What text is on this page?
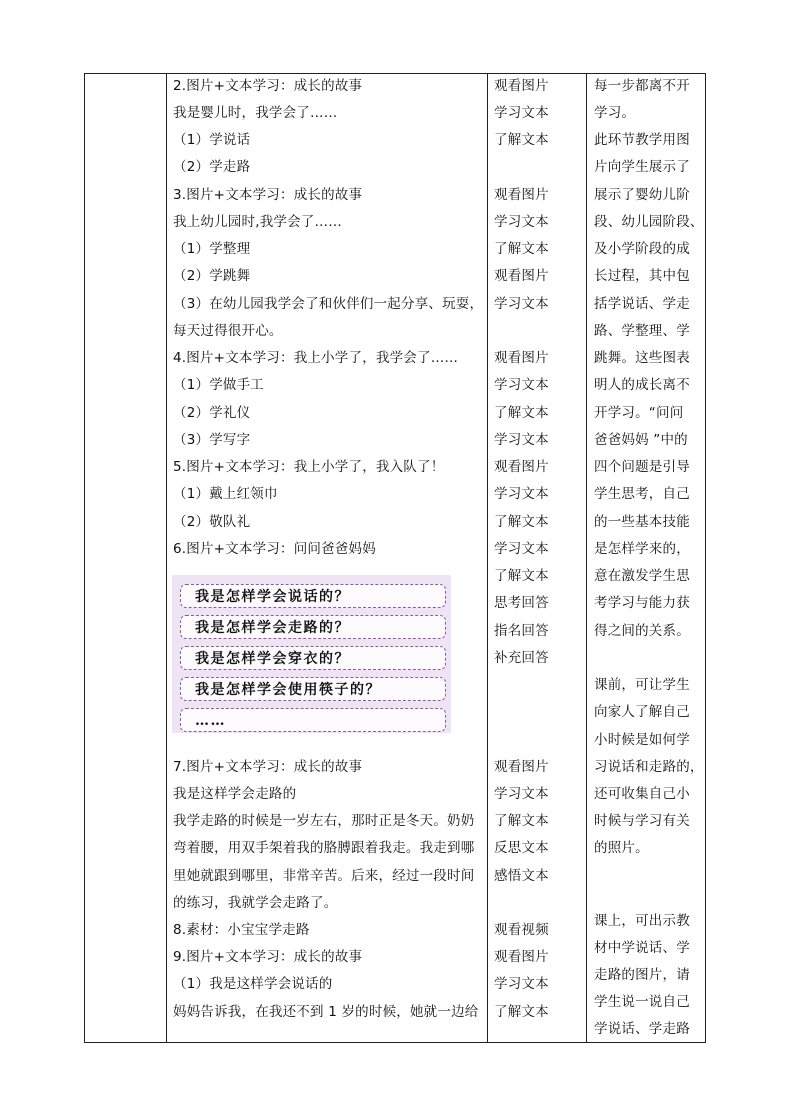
2.图片+文本学习：成长的故事
我是婴儿时，我学会了……
（1）学说话
（2）学走路
3.图片+文本学习：成长的故事
我上幼儿园时,我学会了……
（1）学整理
（2）学跳舞
（3）在幼儿园我学会了和伙伴们一起分享、玩耍，
每天过得很开心。
4.图片+文本学习：我上小学了，我学会了……
（1）学做手工
（2）学礼仪
（3）学写字
5.图片+文本学习：我上小学了，我入队了！
（1）戴上红领巾
（2）敬队礼
6.图片+文本学习：问问爸爸妈妈
我是怎样学会说话的？
我是怎样学会走路的？
我是怎样学会穿衣的？
我是怎样学会使用筷子的？
……
7.图片+文本学习：成长的故事
我是这样学会走路的
我学走路的时候是一岁左右，那时正是冬天。奶奶
弯着腰，用双手架着我的胳膊跟着我走。我走到哪
里她就跟到哪里，非常辛苦。后来，经过一段时间
的练习，我就学会走路了。
8.素材：小宝宝学走路
9.图片+文本学习：成长的故事
（1）我是这样学会说话的
妈妈告诉我，在我还不到 1 岁的时候，她就一边给
观看图片
学习文本
了解文本
观看图片
学习文本
了解文本
观看图片
学习文本
观看图片
学习文本
了解文本
学习文本
观看图片
学习文本
了解文本
学习文本
了解文本
思考回答
指名回答
补充回答
观看图片
学习文本
了解文本
反思文本
感悟文本
观看视频
观看图片
学习文本
了解文本
每一步都离不开
学习。
此环节教学用图
片向学生展示了
展示了婴幼儿阶
段、幼儿园阶段、
及小学阶段的成
长过程，其中包
括学说话、学走
路、学整理、学
跳舞。这些图表
明人的成长离不
开学习。“问问
爸爸妈妈 ”中的
四个问题是引导
学生思考，自己
的一些基本技能
是怎样学来的，
意在激发学生思
考学习与能力获
得之间的关系。
课前，可让学生
向家人了解自己
小时候是如何学
习说话和走路的，
还可收集自己小
时候与学习有关
的照片。
课上，可出示教
材中学说话、学
走路的图片，请
学生说一说自己
学说话、学走路
